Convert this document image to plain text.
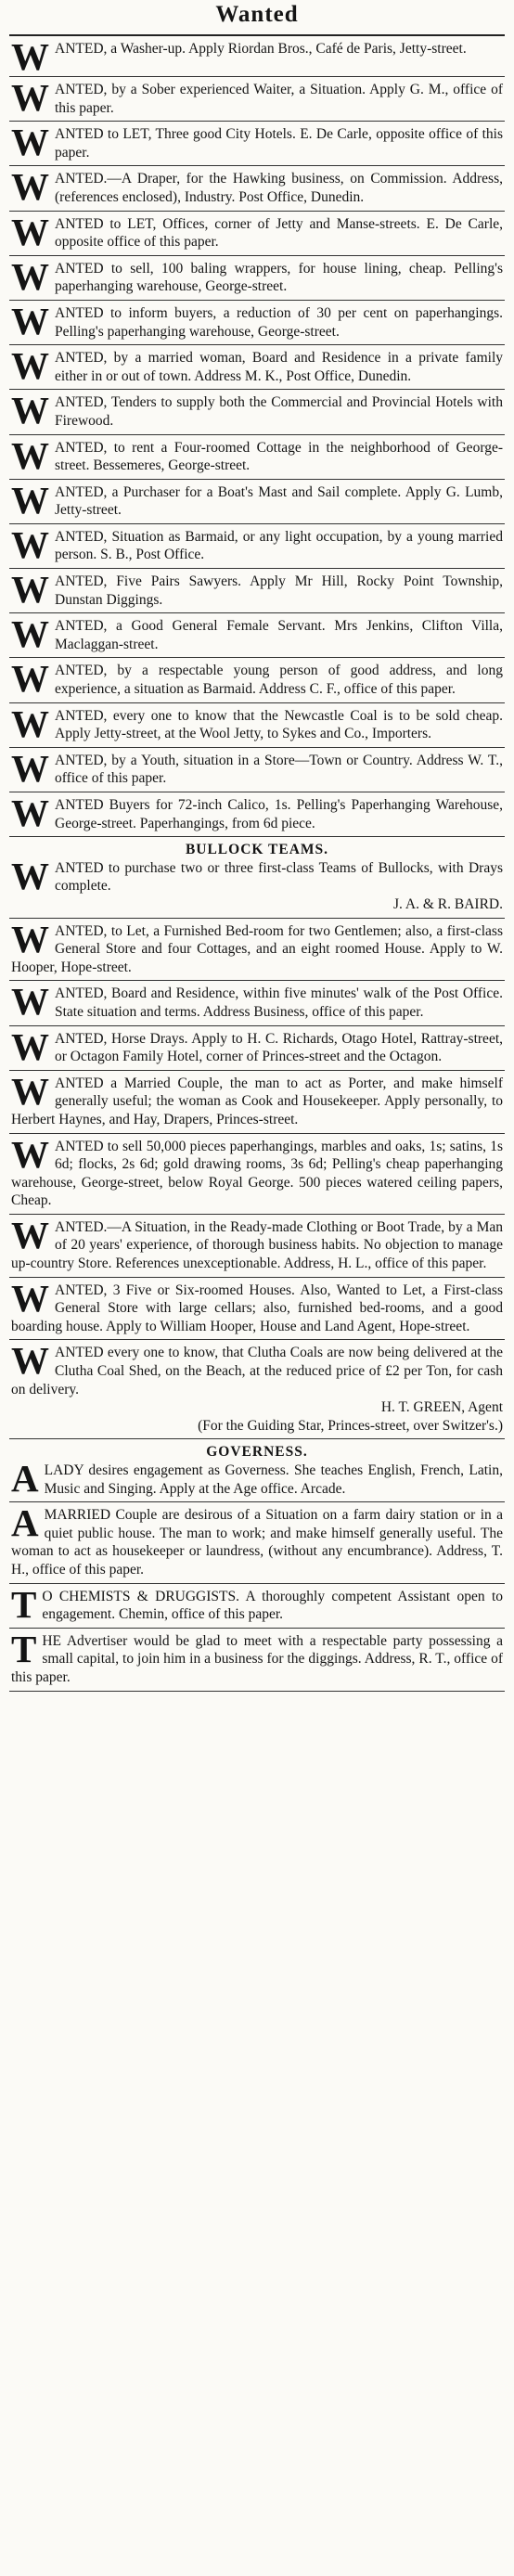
Wanted
WANTED, a Washer-up. Apply Riordan Bros., Café de Paris, Jetty-street.
WANTED, by a Sober experienced Waiter, a Situation. Apply G. M., office of this paper.
WANTED to LET, Three good City Hotels. E. De Carle, opposite office of this paper.
WANTED.—A Draper, for the Hawking business, on Commission. Address, (references enclosed), Industry. Post Office, Dunedin.
WANTED to LET, Offices, corner of Jetty and Manse-streets. E. De Carle, opposite office of this paper.
WANTED to sell, 100 baling wrappers, for house lining, cheap. Pelling's paperhanging warehouse, George-street.
WANTED to inform buyers, a reduction of 30 per cent on paperhangings. Pelling's paperhanging warehouse, George-street.
WANTED, by a married woman, Board and Residence in a private family either in or out of town. Address M. K., Post Office, Dunedin.
WANTED, Tenders to supply both the Commercial and Provincial Hotels with Firewood.
WANTED, to rent a Four-roomed Cottage in the neighborhood of George-street. Bessemeres, George-street.
WANTED, a Purchaser for a Boat's Mast and Sail complete. Apply G. Lumb, Jetty-street.
WANTED, Situation as Barmaid, or any light occupation, by a young married person. S. B., Post Office.
WANTED, Five Pairs Sawyers. Apply Mr Hill, Rocky Point Township, Dunstan Diggings.
WANTED, a Good General Female Servant. Mrs Jenkins, Clifton Villa, Maclaggan-street.
WANTED, by a respectable young person of good address, and long experience, a situation as Barmaid. Address C. F., office of this paper.
WANTED, every one to know that the Newcastle Coal is to be sold cheap. Apply Jetty-street, at the Wool Jetty, to Sykes and Co., Importers.
WANTED, by a Youth, situation in a Store—Town or Country. Address W. T., office of this paper.
WANTED Buyers for 72-inch Calico, 1s. Pelling's Paperhanging Warehouse, George-street. Paperhangings, from 6d piece.
BULLOCK TEAMS.
W ANTED to purchase two or three first-class Teams of Bullocks, with Drays complete.
J. A. & R. BAIRD.
WANTED, to Let, a Furnished Bed-room for two Gentlemen; also, a first-class General Store and four Cottages, and an eight roomed House. Apply to W. Hooper, Hope-street.
WANTED, Board and Residence, within five minutes' walk of the Post Office. State situation and terms. Address Business, office of this paper.
WANTED, Horse Drays. Apply to H. C. Richards, Otago Hotel, Rattray-street, or Octagon Family Hotel, corner of Princes-street and the Octagon.
WANTED a Married Couple, the man to act as Porter, and make himself generally useful; the woman as Cook and Housekeeper. Apply personally, to Herbert Haynes, and Hay, Drapers, Princes-street.
WANTED to sell 50,000 pieces paperhangings, marbles and oaks, 1s; satins, 1s 6d; flocks, 2s 6d; gold drawing rooms, 3s 6d; Pelling's cheap paperhanging warehouse, George-street, below Royal George. 500 pieces watered ceiling papers, Cheap.
WANTED.—A Situation, in the Ready-made Clothing or Boot Trade, by a Man of 20 years' experience, of thorough business habits. No objection to manage up-country Store. References unexceptionable. Address, H. L., office of this paper.
WANTED, 3 Five or Six-roomed Houses. Also, Wanted to Let, a First-class General Store with large cellars; also, furnished bed-rooms, and a good boarding house. Apply to William Hooper, House and Land Agent, Hope-street.
WANTED every one to know, that Clutha Coals are now being delivered at the Clutha Coal Shed, on the Beach, at the reduced price of £2 per Ton, for cash on delivery.
H. T. GREEN, Agent
(For the Guiding Star, Princes-street, over Switzer's.)
GOVERNESS.
A LADY desires engagement as Governess. She teaches English, French, Latin, Music and Singing. Apply at the Age office. Arcade.
A MARRIED Couple are desirous of a Situation on a farm dairy station or in a quiet public house. The man to work; and make himself generally useful. The woman to act as housekeeper or laundress, (without any encumbrance). Address, T. H., office of this paper.
T O CHEMISTS & DRUGGISTS. A thoroughly competent Assistant open to engagement. Chemin, office of this paper.
THE Advertiser would be glad to meet with a respectable party possessing a small capital, to join him in a business for the diggings. Address, R. T., office of this paper.
